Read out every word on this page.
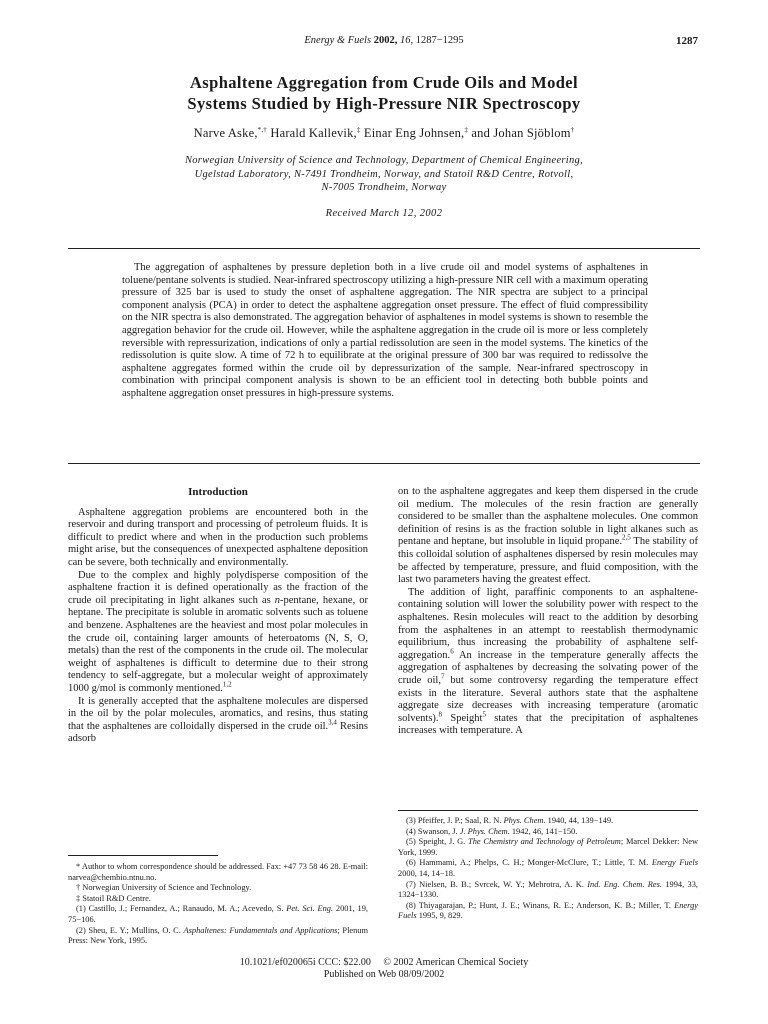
Energy & Fuels 2002, 16, 1287−1295	1287
Asphaltene Aggregation from Crude Oils and Model
Systems Studied by High-Pressure NIR Spectroscopy
Narve Aske,*,† Harald Kallevik,‡ Einar Eng Johnsen,‡ and Johan Sjöblom†
Norwegian University of Science and Technology, Department of Chemical Engineering,
Ugelstad Laboratory, N-7491 Trondheim, Norway, and Statoil R&D Centre, Rotvoll,
N-7005 Trondheim, Norway
Received March 12, 2002
The aggregation of asphaltenes by pressure depletion both in a live crude oil and model systems of asphaltenes in toluene/pentane solvents is studied. Near-infrared spectroscopy utilizing a high-pressure NIR cell with a maximum operating pressure of 325 bar is used to study the onset of asphaltene aggregation. The NIR spectra are subject to a principal component analysis (PCA) in order to detect the asphaltene aggregation onset pressure. The effect of fluid compressibility on the NIR spectra is also demonstrated. The aggregation behavior of asphaltenes in model systems is shown to resemble the aggregation behavior for the crude oil. However, while the asphaltene aggregation in the crude oil is more or less completely reversible with repressurization, indications of only a partial redissolution are seen in the model systems. The kinetics of the redissolution is quite slow. A time of 72 h to equilibrate at the original pressure of 300 bar was required to redissolve the asphaltene aggregates formed within the crude oil by depressurization of the sample. Near-infrared spectroscopy in combination with principal component analysis is shown to be an efficient tool in detecting both bubble points and asphaltene aggregation onset pressures in high-pressure systems.

Introduction

Asphaltene aggregation problems are encountered both in the reservoir and during transport and processing of petroleum fluids. It is difficult to predict where and when in the production such problems might arise, but the consequences of unexpected asphaltene deposition can be severe, both technically and environmentally.

Due to the complex and highly polydisperse composition of the asphaltene fraction it is defined operationally as the fraction of the crude oil precipitating in light alkanes such as n-pentane, hexane, or heptane. The precipitate is soluble in aromatic solvents such as toluene and benzene. Asphaltenes are the heaviest and most polar molecules in the crude oil, containing larger amounts of heteroatoms (N, S, O, metals) than the rest of the components in the crude oil. The molecular weight of asphaltenes is difficult to determine due to their strong tendency to self-aggregate, but a molecular weight of approximately 1000 g/mol is commonly mentioned.$^{1,2}$

It is generally accepted that the asphaltene molecules are dispersed in the oil by the polar molecules, aromatics, and resins, thus stating that the asphaltenes are colloidally dispersed in the crude oil.$^{3,4}$ Resins adsorb

* Author to whom correspondence should be addressed. Fax: +47 73 58 46 28. E-mail: narvea@chembio.ntnu.no.

† Norwegian University of Science and Technology.

‡ Statoil R&D Centre.

(1) Castillo, J.; Fernandez, A.; Ranaudo, M. A.; Acevedo, S. Pet. Sci. Eng. 2001, 19, 75−106.

(2) Sheu, E. Y.; Mullins, O. C. Asphaltenes: Fundamentals and Applications; Plenum Press: New York, 1995.

on to the asphaltene aggregates and keep them dispersed in the crude oil medium. The molecules of the resin fraction are generally considered to be smaller than the asphaltene molecules. One common definition of resins is as the fraction soluble in light alkanes such as pentane and heptane, but insoluble in liquid propane.$^{2,5}$ The stability of this colloidal solution of asphaltenes dispersed by resin molecules may be affected by temperature, pressure, and fluid composition, with the last two parameters having the greatest effect.

The addition of light, paraffinic components to an asphaltene-containing solution will lower the solubility power with respect to the asphaltenes. Resin molecules will react to the addition by desorbing from the asphaltenes in an attempt to reestablish thermodynamic equilibrium, thus increasing the probability of asphaltene self-aggregation.$^6$ An increase in the temperature generally affects the aggregation of asphaltenes by decreasing the solvating power of the crude oil,$^7$ but some controversy regarding the temperature effect exists in the literature. Several authors state that the asphaltene aggregate size decreases with increasing temperature (aromatic solvents).$^8$ Speight$^5$ states that the precipitation of asphaltenes increases with temperature. A

(3) Pfeiffer, J. P.; Saal, R. N. Phys. Chem. 1940, 44, 139−149.

(4) Swanson, J. J. Phys. Chem. 1942, 46, 141−150.

(5) Speight, J. G. The Chemistry and Technology of Petroleum; Marcel Dekker: New York, 1999.

(6) Hammami, A.; Phelps, C. H.; Monger-McClure, T.; Little, T. M. Energy Fuels 2000, 14, 14−18.

(7) Nielsen, B. B.; Svrcek, W. Y.; Mehrotra, A. K. Ind. Eng. Chem. Res. 1994, 33, 1324−1330.

(8) Thiyagarajan, P.; Hunt, J. E.; Winans, R. E.; Anderson, K. B.; Miller, T. Energy Fuels 1995, 9, 829.

10.1021/ef020065i CCC: $22.00 © 2002 American Chemical Society
Published on Web 08/09/2002
